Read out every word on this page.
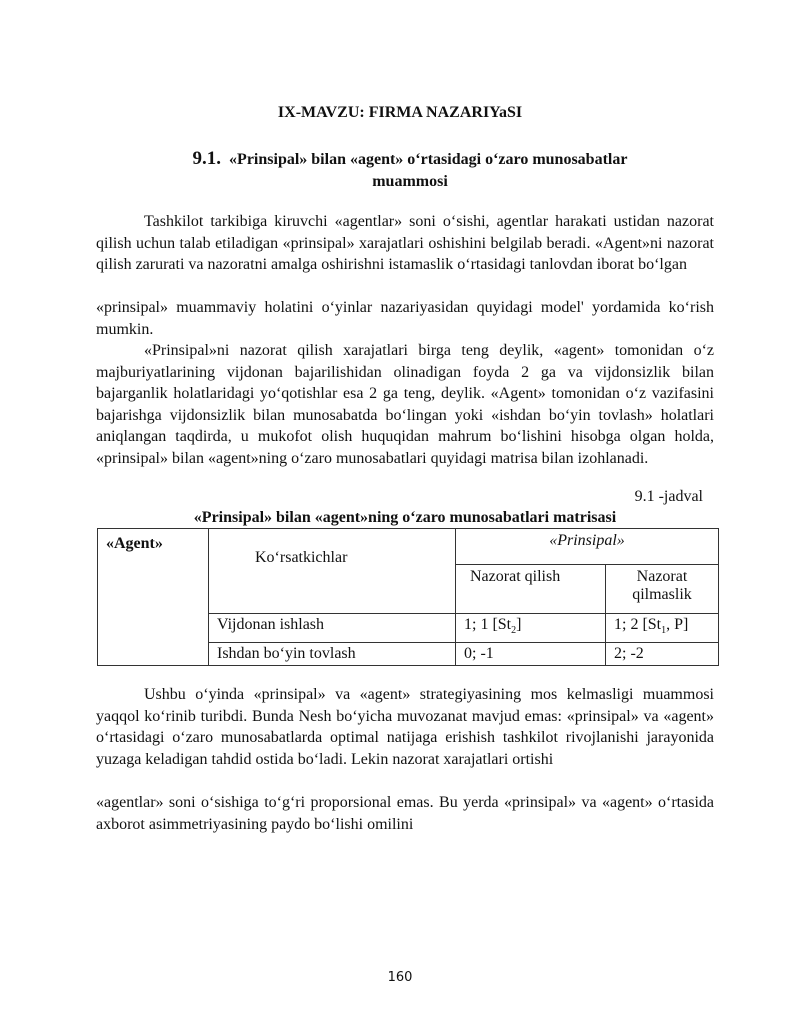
IX-MAVZU: FIRMA NAZARIYaSI
9.1. «Prinsipal» bilan «agent» o‘rtasidagi o‘zaro munosabatlar
muammosi

Tashkilot tarkibiga kiruvchi «agentlar» soni o‘sishi, agentlar harakati ustidan nazorat qilish uchun talab etiladigan «prinsipal» xarajatlari oshishini belgilab beradi. «Agent»ni nazorat qilish zarurati va nazoratni amalga oshirishni istamaslik o‘rtasidagi tanlovdan iborat bo‘lgan

«prinsipal» muammaviy holatini o‘yinlar nazariyasidan quyidagi model' yordamida ko‘rish mumkin.

«Prinsipal»ni nazorat qilish xarajatlari birga teng deylik, «agent» tomonidan o‘z majburiyatlarining vijdonan bajarilishidan olinadigan foyda 2 ga va vijdonsizlik bilan bajarganlik holatlaridagi yo‘qotishlar esa 2 ga teng, deylik. «Agent» tomonidan o‘z vazifasini bajarishga vijdonsizlik bilan munosabatda bo‘lingan yoki «ishdan bo‘yin tovlash» holatlari aniqlangan taqdirda, u mukofot olish huquqidan mahrum bo‘lishini hisobga olgan holda, «prinsipal» bilan «agent»ning o‘zaro munosabatlari quyidagi matrisa bilan izohlanadi.

9.1 -jadval
«Prinsipal» bilan «agent»ning o‘zaro munosabatlari matrisasi
«Agent»	Ko‘rsatkichlar	«Prinsipal»	
		Nazorat qilish	Nazorat
qilmaslik
	Vijdonan ishlash	1; 1 $[St_2]$	1; 2 [$St_1$, P]
	Ishdan bo‘yin tovlash	0; -1	2; -2

Ushbu o‘yinda «prinsipal» va «agent» strategiyasining mos kelmasligi muammosi yaqqol ko‘rinib turibdi. Bunda Nesh bo‘yicha muvozanat mavjud emas: «prinsipal» va «agent» o‘rtasidagi o‘zaro munosabatlarda optimal natijaga erishish tashkilot rivojlanishi jarayonida yuzaga keladigan tahdid ostida bo‘ladi. Lekin nazorat xarajatlari ortishi

«agentlar» soni o‘sishiga to‘g‘ri proporsional emas. Bu yerda «prinsipal» va «agent» o‘rtasida axborot asimmetriyasining paydo bo‘lishi omilini

160
